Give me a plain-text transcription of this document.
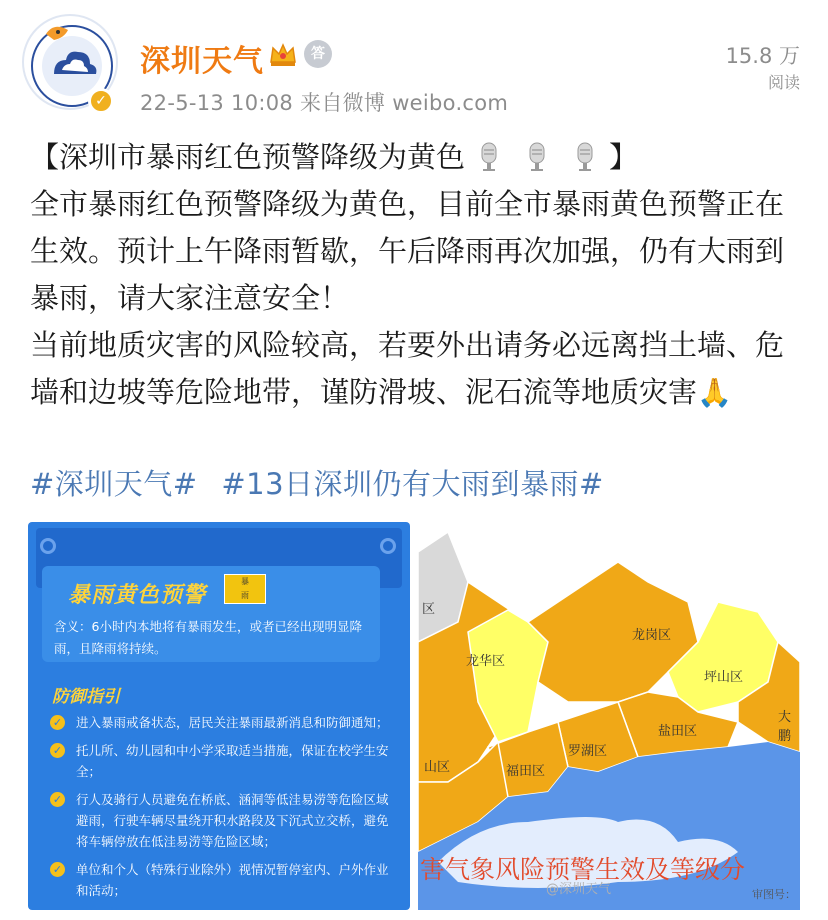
✓
深圳天气	答
22-5-13 10:08 来自微博 weibo.com
15.8 万
阅读

【深圳市暴雨红色预警降级为黄色	】

全市暴雨红色预警降级为黄色，目前全市暴雨黄色预警正在生效。预计上午降雨暂歇，午后降雨再次加强，仍有大雨到暴雨，请大家注意安全！

当前地质灾害的风险较高，若要外出请务必远离挡土墙、危墙和边坡等危险地带，谨防滑坡、泥石流等地质灾害🙏

#深圳天气# #13日深圳仍有大雨到暴雨#
暴雨黄色预警
暴
雨
含义：6小时内本地将有暴雨发生，或者已经出现明显降雨，且降雨将持续。
防御指引
✓ 进入暴雨戒备状态，居民关注暴雨最新消息和防御通知；
✓ 托儿所、幼儿园和中小学采取适当措施，保证在校学生安全；
✓ 行人及骑行人员避免在桥底、涵洞等低洼易涝等危险区域避雨，行驶车辆尽量绕开积水路段及下沉式立交桥，避免将车辆停放在低洼易涝等危险区域；
✓ 单位和个人（特殊行业除外）视情况暂停室内、户外作业和活动；
区
龙华区
龙岗区
坪山区
大鹏
盐田区
罗湖区
福田区
山区
害气象风险预警生效及等级分
@深圳天气	审图号：
